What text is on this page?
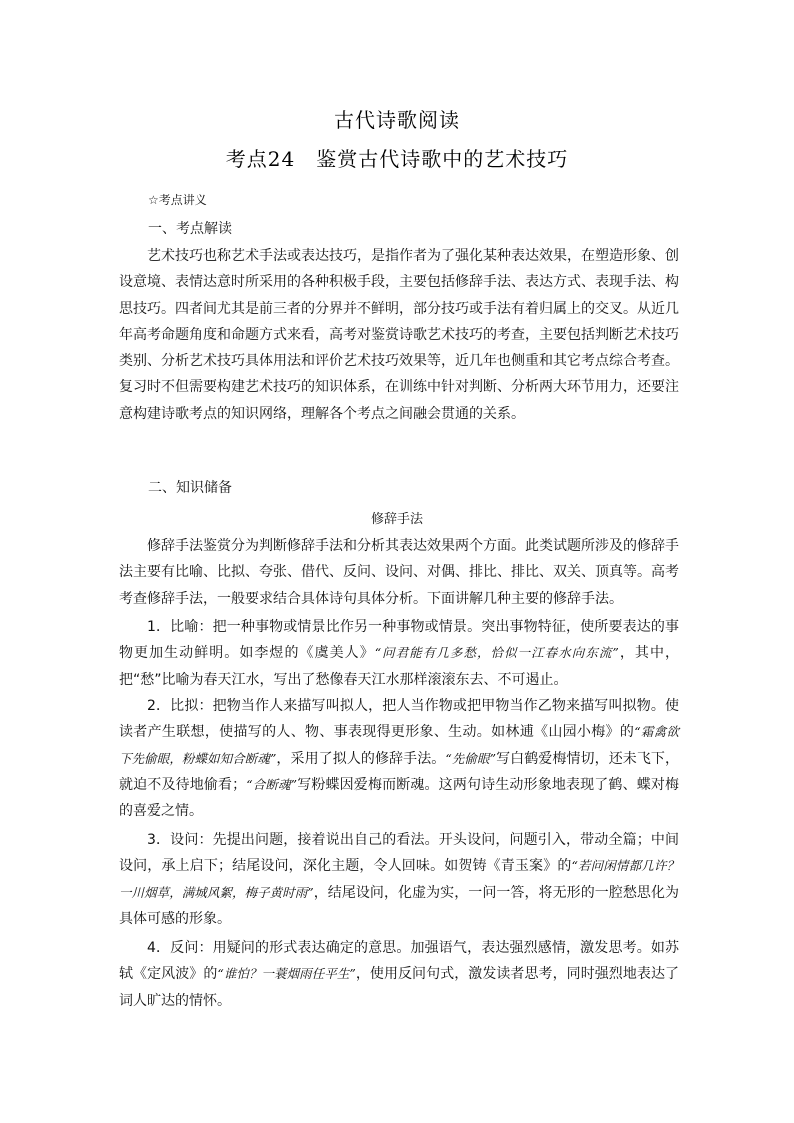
古代诗歌阅读
考点24　鉴赏古代诗歌中的艺术技巧
☆考点讲义
一、考点解读
艺术技巧也称艺术手法或表达技巧，是指作者为了强化某种表达效果，在塑造形象、创设意境、表情达意时所采用的各种积极手段，主要包括修辞手法、表达方式、表现手法、构思技巧。四者间尤其是前三者的分界并不鲜明，部分技巧或手法有着归属上的交叉。从近几年高考命题角度和命题方式来看，高考对鉴赏诗歌艺术技巧的考查，主要包括判断艺术技巧类别、分析艺术技巧具体用法和评价艺术技巧效果等，近几年也侧重和其它考点综合考查。复习时不但需要构建艺术技巧的知识体系，在训练中针对判断、分析两大环节用力，还要注意构建诗歌考点的知识网络，理解各个考点之间融会贯通的关系。
二、知识储备
修辞手法
修辞手法鉴赏分为判断修辞手法和分析其表达效果两个方面。此类试题所涉及的修辞手法主要有比喻、比拟、夸张、借代、反问、设问、对偶、排比、排比、双关、顶真等。高考考查修辞手法，一般要求结合具体诗句具体分析。下面讲解几种主要的修辞手法。
1．比喻：把一种事物或情景比作另一种事物或情景。突出事物特征，使所要表达的事物更加生动鲜明。如李煜的《虞美人》“问君能有几多愁，恰似一江春水向东流”，其中，把“愁”比喻为春天江水，写出了愁像春天江水那样滚滚东去、不可遏止。
2．比拟：把物当作人来描写叫拟人，把人当作物或把甲物当作乙物来描写叫拟物。使读者产生联想，使描写的人、物、事表现得更形象、生动。如林逋《山园小梅》的“霜禽欲下先偷眼，粉蝶如知合断魂”，采用了拟人的修辞手法。“先偷眼”写白鹤爱梅情切，还未飞下，就迫不及待地偷看；“合断魂”写粉蝶因爱梅而断魂。这两句诗生动形象地表现了鹤、蝶对梅的喜爱之情。
3．设问：先提出问题，接着说出自己的看法。开头设问，问题引入，带动全篇；中间设问，承上启下；结尾设问，深化主题，令人回味。如贺铸《青玉案》的“若问闲情都几许？一川烟草，满城风絮，梅子黄时雨”，结尾设问，化虚为实，一问一答，将无形的一腔愁思化为具体可感的形象。
4．反问：用疑问的形式表达确定的意思。加强语气，表达强烈感情，激发思考。如苏轼《定风波》的“谁怕？一蓑烟雨任平生”，使用反问句式，激发读者思考，同时强烈地表达了词人旷达的情怀。
